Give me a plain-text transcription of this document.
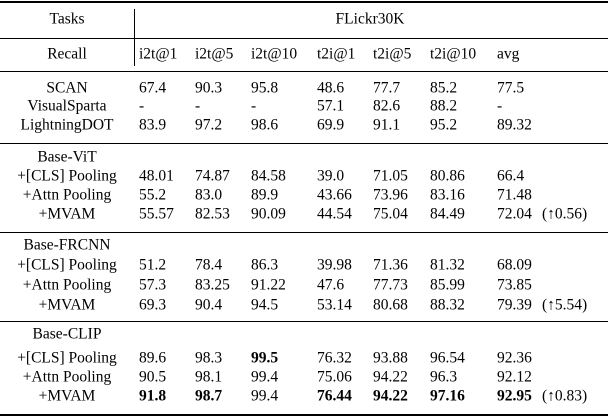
Tasks	FLickr30K
Recall	i2t@1 i2t@5 i2t@10 t2i@1 t2i@5 t2i@10 avg
SCAN	67.4 90.3 95.8	48.6 77.7 85.2	77.5
VisualSparta -	-	-	57.1 82.6 88.2	-
LightningDOT 83.9 97.2 98.6	69.9 91.1 95.2	89.32
Base-ViT
+[CLS] Pooling 48.01 74.87 84.58 39.0 71.05 80.86 66.4
+Attn Pooling 55.2 83.0 89.9	43.66 73.96 83.16 71.48
+MVAM	55.57 82.53 90.09 44.54 75.04 84.49 72.04 (↑0.56)
Base-FRCNN
+[CLS] Pooling 51.2 78.4 86.3	39.98 71.36 81.32 68.09
+Attn Pooling 57.3 83.25 91.22 47.6 77.73 85.99 73.85
+MVAM	69.3 90.4 94.5	53.14 80.68 88.32 79.39 (↑5.54)
Base-CLIP
+[CLS] Pooling 89.6 98.3 99.5	76.32 93.88 96.54 92.36
+Attn Pooling 90.5 98.1 99.4	75.06 94.22 96.3	92.12
+MVAM	91.8 98.7 99.4	76.44 94.22 97.16 92.95 (↑0.83)
